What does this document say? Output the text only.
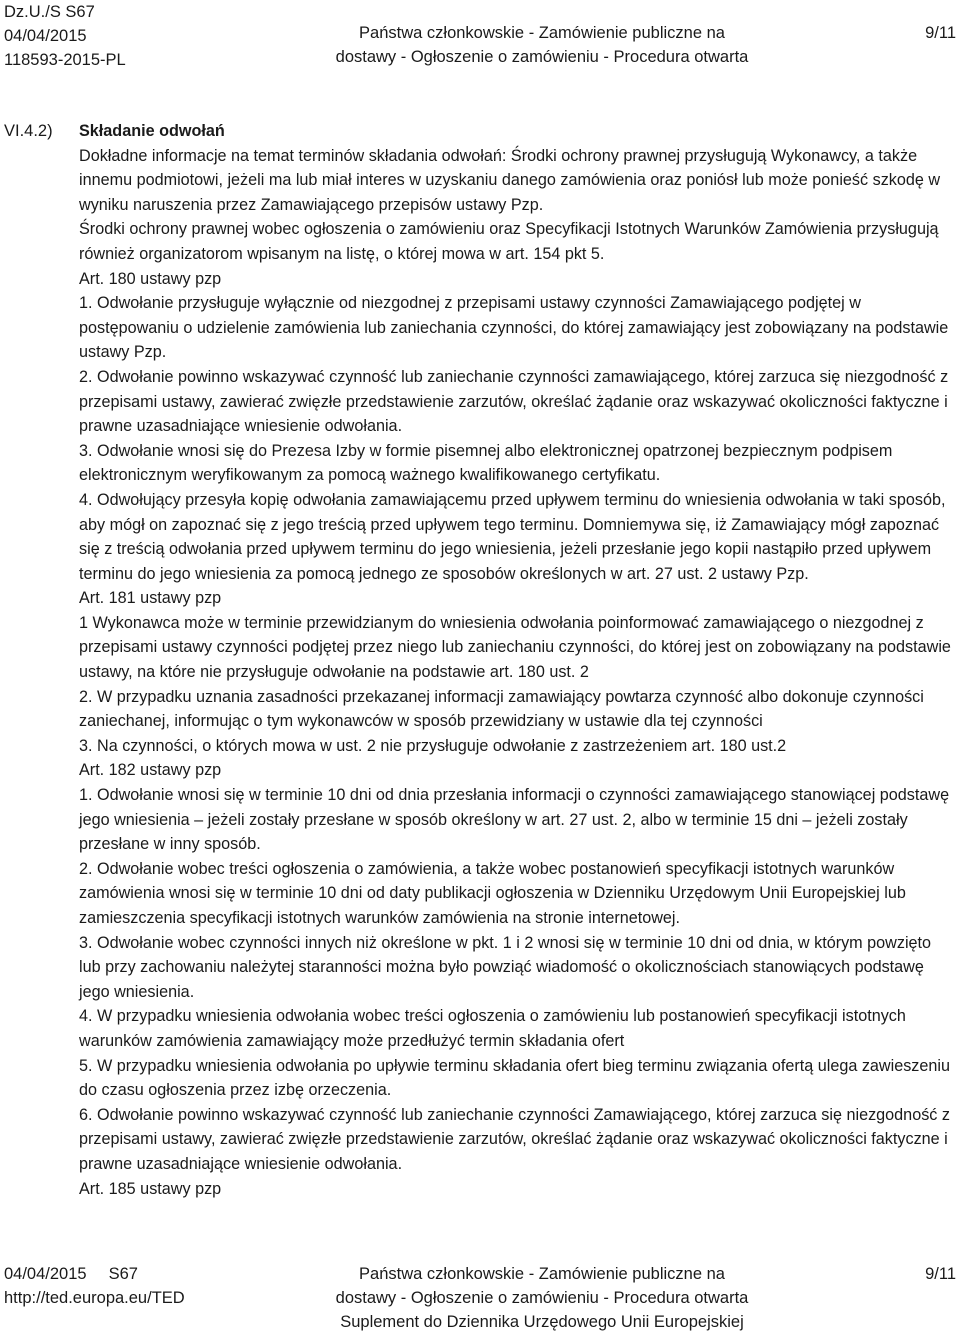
Dz.U./S S67
04/04/2015
118593-2015-PL
Państwa członkowskie - Zamówienie publiczne na
dostawy - Ogłoszenie o zamówieniu - Procedura otwarta
9/11
VI.4.2) Składanie odwołań

Dokładne informacje na temat terminów składania odwołań: Środki ochrony prawnej przysługują Wykonawcy, a także innemu podmiotowi, jeżeli ma lub miał interes w uzyskaniu danego zamówienia oraz poniósł lub może ponieść szkodę w wyniku naruszenia przez Zamawiającego przepisów ustawy Pzp.

Środki ochrony prawnej wobec ogłoszenia o zamówieniu oraz Specyfikacji Istotnych Warunków Zamówienia przysługują również organizatorom wpisanym na listę, o której mowa w art. 154 pkt 5.

Art. 180 ustawy pzp

1. Odwołanie przysługuje wyłącznie od niezgodnej z przepisami ustawy czynności Zamawiającego podjętej w postępowaniu o udzielenie zamówienia lub zaniechania czynności, do której zamawiający jest zobowiązany na podstawie ustawy Pzp.

2. Odwołanie powinno wskazywać czynność lub zaniechanie czynności zamawiającego, której zarzuca się niezgodność z przepisami ustawy, zawierać zwięzłe przedstawienie zarzutów, określać żądanie oraz wskazywać okoliczności faktyczne i prawne uzasadniające wniesienie odwołania.

3. Odwołanie wnosi się do Prezesa Izby w formie pisemnej albo elektronicznej opatrzonej bezpiecznym podpisem elektronicznym weryfikowanym za pomocą ważnego kwalifikowanego certyfikatu.

4. Odwołujący przesyła kopię odwołania zamawiającemu przed upływem terminu do wniesienia odwołania w taki sposób, aby mógł on zapoznać się z jego treścią przed upływem tego terminu. Domniemywa się, iż Zamawiający mógł zapoznać się z treścią odwołania przed upływem terminu do jego wniesienia, jeżeli przesłanie jego kopii nastąpiło przed upływem terminu do jego wniesienia za pomocą jednego ze sposobów określonych w art. 27 ust. 2 ustawy Pzp.

Art. 181 ustawy pzp

1 Wykonawca może w terminie przewidzianym do wniesienia odwołania poinformować zamawiającego o niezgodnej z przepisami ustawy czynności podjętej przez niego lub zaniechaniu czynności, do której jest on zobowiązany na podstawie ustawy, na które nie przysługuje odwołanie na podstawie art. 180 ust. 2

2. W przypadku uznania zasadności przekazanej informacji zamawiający powtarza czynność albo dokonuje czynności zaniechanej, informując o tym wykonawców w sposób przewidziany w ustawie dla tej czynności

3. Na czynności, o których mowa w ust. 2 nie przysługuje odwołanie z zastrzeżeniem art. 180 ust.2

Art. 182 ustawy pzp

1. Odwołanie wnosi się w terminie 10 dni od dnia przesłania informacji o czynności zamawiającego stanowiącej podstawę jego wniesienia – jeżeli zostały przesłane w sposób określony w art. 27 ust. 2, albo w terminie 15 dni – jeżeli zostały przesłane w inny sposób.

2. Odwołanie wobec treści ogłoszenia o zamówienia, a także wobec postanowień specyfikacji istotnych warunków zamówienia wnosi się w terminie 10 dni od daty publikacji ogłoszenia w Dzienniku Urzędowym Unii Europejskiej lub zamieszczenia specyfikacji istotnych warunków zamówienia na stronie internetowej.

3. Odwołanie wobec czynności innych niż określone w pkt. 1 i 2 wnosi się w terminie 10 dni od dnia, w którym powzięto lub przy zachowaniu należytej staranności można było powziąć wiadomość o okolicznościach stanowiących podstawę jego wniesienia.

4. W przypadku wniesienia odwołania wobec treści ogłoszenia o zamówieniu lub postanowień specyfikacji istotnych warunków zamówienia zamawiający może przedłużyć termin składania ofert

5. W przypadku wniesienia odwołania po upływie terminu składania ofert bieg terminu związania ofertą ulega zawieszeniu do czasu ogłoszenia przez izbę orzeczenia.

6. Odwołanie powinno wskazywać czynność lub zaniechanie czynności Zamawiającego, której zarzuca się niezgodność z przepisami ustawy, zawierać zwięzłe przedstawienie zarzutów, określać żądanie oraz wskazywać okoliczności faktyczne i prawne uzasadniające wniesienie odwołania.

Art. 185 ustawy pzp

04/04/2015 S67
http://ted.europa.eu/TED
Państwa członkowskie - Zamówienie publiczne na
dostawy - Ogłoszenie o zamówieniu - Procedura otwarta
Suplement do Dziennika Urzędowego Unii Europejskiej
9/11
